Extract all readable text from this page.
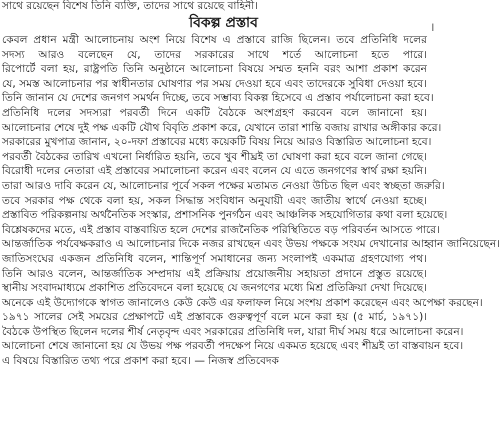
সাথে রয়েছেন বিশেষ তিনি ব্যক্তি, তাদের সাথে রয়েছে বাহিনী।
বিকল্প প্রস্তাব	।
কেবল প্রধান মন্ত্রী আলোচনায় অংশ নিয়ে বিশেষ এ প্রস্তাবে রাজি ছিলেন। তবে প্রতিনিধি দলের
সদস্য আরও বলেছেন যে, তাদের সরকারের সাথে শর্তে আলোচনা হতে পারে।
রিপোর্টে বলা হয়, রাষ্ট্রপতি তিনি অনুষ্ঠানে আলোচনা বিষয়ে সম্মত হননি বরং আশা প্রকাশ করেন
যে, সমস্ত আলোচনার পর স্বাধীনতার ঘোষণার পর সময় দেওয়া হবে এবং তাদেরকে সুবিধা দেওয়া হবে।
তিনি জানান যে দেশের জনগণ সমর্থন দিচ্ছে, তবে সম্ভাব্য বিকল্প হিসেবে এ প্রস্তাব পর্যালোচনা করা হবে।
প্রতিনিধি দলের সদস্যরা পরবর্তী দিনে একটি বৈঠকে অংশগ্রহণ করবেন বলে জানানো হয়।
আলোচনার শেষে দুই পক্ষ একটি যৌথ বিবৃতি প্রকাশ করে, যেখানে তারা শান্তি বজায় রাখার অঙ্গীকার করে।
সরকারের মুখপাত্র জানান, ২০-দফা প্রস্তাবের মধ্যে কয়েকটি বিষয় নিয়ে আরও বিস্তারিত আলোচনা হবে।
পরবর্তী বৈঠকের তারিখ এখনো নির্ধারিত হয়নি, তবে খুব শীঘ্রই তা ঘোষণা করা হবে বলে জানা গেছে।
বিরোধী দলের নেতারা এই প্রস্তাবের সমালোচনা করেন এবং বলেন যে এতে জনগণের স্বার্থ রক্ষা হয়নি।
তারা আরও দাবি করেন যে, আলোচনার পূর্বে সকল পক্ষের মতামত নেওয়া উচিত ছিল এবং স্বচ্ছতা জরুরি।
তবে সরকার পক্ষ থেকে বলা হয়, সকল সিদ্ধান্ত সংবিধান অনুযায়ী এবং জাতীয় স্বার্থে নেওয়া হচ্ছে।
প্রস্তাবিত পরিকল্পনায় অর্থনৈতিক সংস্কার, প্রশাসনিক পুনর্গঠন এবং আঞ্চলিক সহযোগিতার কথা বলা হয়েছে।
বিশ্লেষকদের মতে, এই প্রস্তাব বাস্তবায়িত হলে দেশের রাজনৈতিক পরিস্থিতিতে বড় পরিবর্তন আসতে পারে।
আন্তর্জাতিক পর্যবেক্ষকরাও এ আলোচনার দিকে নজর রাখছেন এবং উভয় পক্ষকে সংযম দেখানোর আহ্বান জানিয়েছেন।
জাতিসংঘের একজন প্রতিনিধি বলেন, শান্তিপূর্ণ সমাধানের জন্য সংলাপই একমাত্র গ্রহণযোগ্য পথ।
তিনি আরও বলেন, আন্তর্জাতিক সম্প্রদায় এই প্রক্রিয়ায় প্রয়োজনীয় সহায়তা প্রদানে প্রস্তুত রয়েছে।
স্থানীয় সংবাদমাধ্যমে প্রকাশিত প্রতিবেদনে বলা হয়েছে যে জনগণের মধ্যে মিশ্র প্রতিক্রিয়া দেখা দিয়েছে।
অনেকে এই উদ্যোগকে স্বাগত জানালেও কেউ কেউ এর ফলাফল নিয়ে সংশয় প্রকাশ করেছেন এবং অপেক্ষা করছেন।
১৯৭১ সালের সেই সময়ের প্রেক্ষাপটে এই প্রস্তাবকে গুরুত্বপূর্ণ বলে মনে করা হয় (৫ মার্চ, ১৯৭১)।
বৈঠকে উপস্থিত ছিলেন দলের শীর্ষ নেতৃবৃন্দ এবং সরকারের প্রতিনিধি দল, যারা দীর্ঘ সময় ধরে আলোচনা করেন।
আলোচনা শেষে জানানো হয় যে উভয় পক্ষ পরবর্তী পদক্ষেপ নিয়ে একমত হয়েছে এবং শীঘ্রই তা বাস্তবায়ন হবে।
এ বিষয়ে বিস্তারিত তথ্য পরে প্রকাশ করা হবে। — নিজস্ব প্রতিবেদক
